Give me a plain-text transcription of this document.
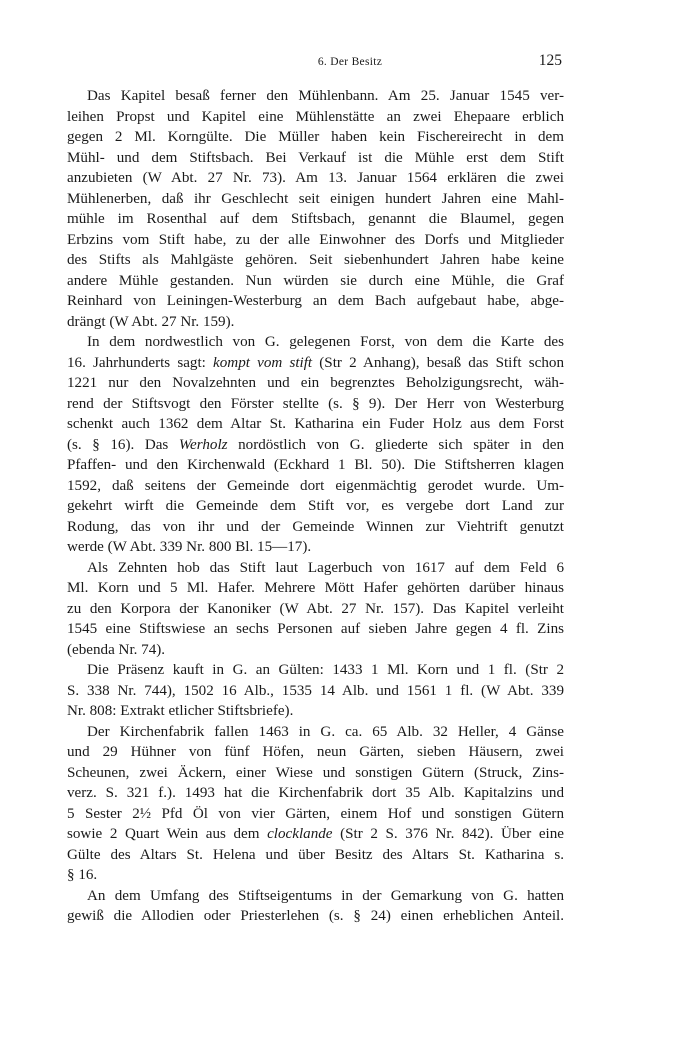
6. Der Besitz	125
Das Kapitel besaß ferner den Mühlenbann. Am 25. Januar 1545 ver-
leihen Propst und Kapitel eine Mühlenstätte an zwei Ehepaare erblich
gegen 2 Ml. Korngülte. Die Müller haben kein Fischereirecht in dem
Mühl- und dem Stiftsbach. Bei Verkauf ist die Mühle erst dem Stift
anzubieten (W Abt. 27 Nr. 73). Am 13. Januar 1564 erklären die zwei
Mühlenerben, daß ihr Geschlecht seit einigen hundert Jahren eine Mahl-
mühle im Rosenthal auf dem Stiftsbach, genannt die Blaumel, gegen
Erbzins vom Stift habe, zu der alle Einwohner des Dorfs und Mitglieder
des Stifts als Mahlgäste gehören. Seit siebenhundert Jahren habe keine
andere Mühle gestanden. Nun würden sie durch eine Mühle, die Graf
Reinhard von Leiningen-Westerburg an dem Bach aufgebaut habe, abge-
drängt (W Abt. 27 Nr. 159).
In dem nordwestlich von G. gelegenen Forst, von dem die Karte des
16. Jahrhunderts sagt: kompt vom stift (Str 2 Anhang), besaß das Stift schon
1221 nur den Novalzehnten und ein begrenztes Beholzigungsrecht, wäh-
rend der Stiftsvogt den Förster stellte (s. § 9). Der Herr von Westerburg
schenkt auch 1362 dem Altar St. Katharina ein Fuder Holz aus dem Forst
(s. § 16). Das Werholz nordöstlich von G. gliederte sich später in den
Pfaffen- und den Kirchenwald (Eckhard 1 Bl. 50). Die Stiftsherren klagen
1592, daß seitens der Gemeinde dort eigenmächtig gerodet wurde. Um-
gekehrt wirft die Gemeinde dem Stift vor, es vergebe dort Land zur
Rodung, das von ihr und der Gemeinde Winnen zur Viehtrift genutzt
werde (W Abt. 339 Nr. 800 Bl. 15—17).
Als Zehnten hob das Stift laut Lagerbuch von 1617 auf dem Feld 6
Ml. Korn und 5 Ml. Hafer. Mehrere Mött Hafer gehörten darüber hinaus
zu den Korpora der Kanoniker (W Abt. 27 Nr. 157). Das Kapitel verleiht
1545 eine Stiftswiese an sechs Personen auf sieben Jahre gegen 4 fl. Zins
(ebenda Nr. 74).
Die Präsenz kauft in G. an Gülten: 1433 1 Ml. Korn und 1 fl. (Str 2
S. 338 Nr. 744), 1502 16 Alb., 1535 14 Alb. und 1561 1 fl. (W Abt. 339
Nr. 808: Extrakt etlicher Stiftsbriefe).
Der Kirchenfabrik fallen 1463 in G. ca. 65 Alb. 32 Heller, 4 Gänse
und 29 Hühner von fünf Höfen, neun Gärten, sieben Häusern, zwei
Scheunen, zwei Äckern, einer Wiese und sonstigen Gütern (Struck, Zins-
verz. S. 321 f.). 1493 hat die Kirchenfabrik dort 35 Alb. Kapitalzins und
5 Sester 2½ Pfd Öl von vier Gärten, einem Hof und sonstigen Gütern
sowie 2 Quart Wein aus dem clocklande (Str 2 S. 376 Nr. 842). Über eine
Gülte des Altars St. Helena und über Besitz des Altars St. Katharina s.
§ 16.
An dem Umfang des Stiftseigentums in der Gemarkung von G. hatten
gewiß die Allodien oder Priesterlehen (s. § 24) einen erheblichen Anteil.
